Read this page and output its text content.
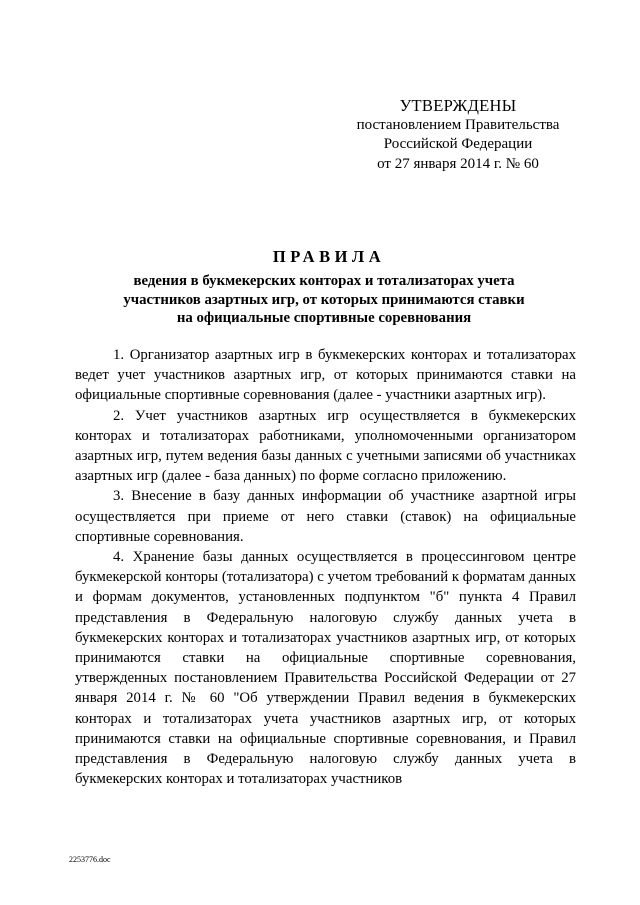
УТВЕРЖДЕНЫ
постановлением Правительства
Российской Федерации
от 27 января 2014 г. № 60
ПРАВИЛА
ведения в букмекерских конторах и тотализаторах учета
участников азартных игр, от которых принимаются ставки
на официальные спортивные соревнования

1. Организатор азартных игр в букмекерских конторах и тотализаторах ведет учет участников азартных игр, от которых принимаются ставки на официальные спортивные соревнования (далее - участники азартных игр).

2. Учет участников азартных игр осуществляется в букмекерских конторах и тотализаторах работниками, уполномоченными организатором азартных игр, путем ведения базы данных с учетными записями об участниках азартных игр (далее - база данных) по форме согласно приложению.

3. Внесение в базу данных информации об участнике азартной игры осуществляется при приеме от него ставки (ставок) на официальные спортивные соревнования.

4. Хранение базы данных осуществляется в процессинговом центре букмекерской конторы (тотализатора) с учетом требований к форматам данных и формам документов, установленных подпунктом "б" пункта 4 Правил представления в Федеральную налоговую службу данных учета в букмекерских конторах и тотализаторах участников азартных игр, от которых принимаются ставки на официальные спортивные соревнования, утвержденных постановлением Правительства Российской Федерации от 27 января 2014 г. № 60 "Об утверждении Правил ведения в букмекерских конторах и тотализаторах учета участников азартных игр, от которых принимаются ставки на официальные спортивные соревнования, и Правил представления в Федеральную налоговую службу данных учета в букмекерских конторах и тотализаторах участников

2253776.doc
